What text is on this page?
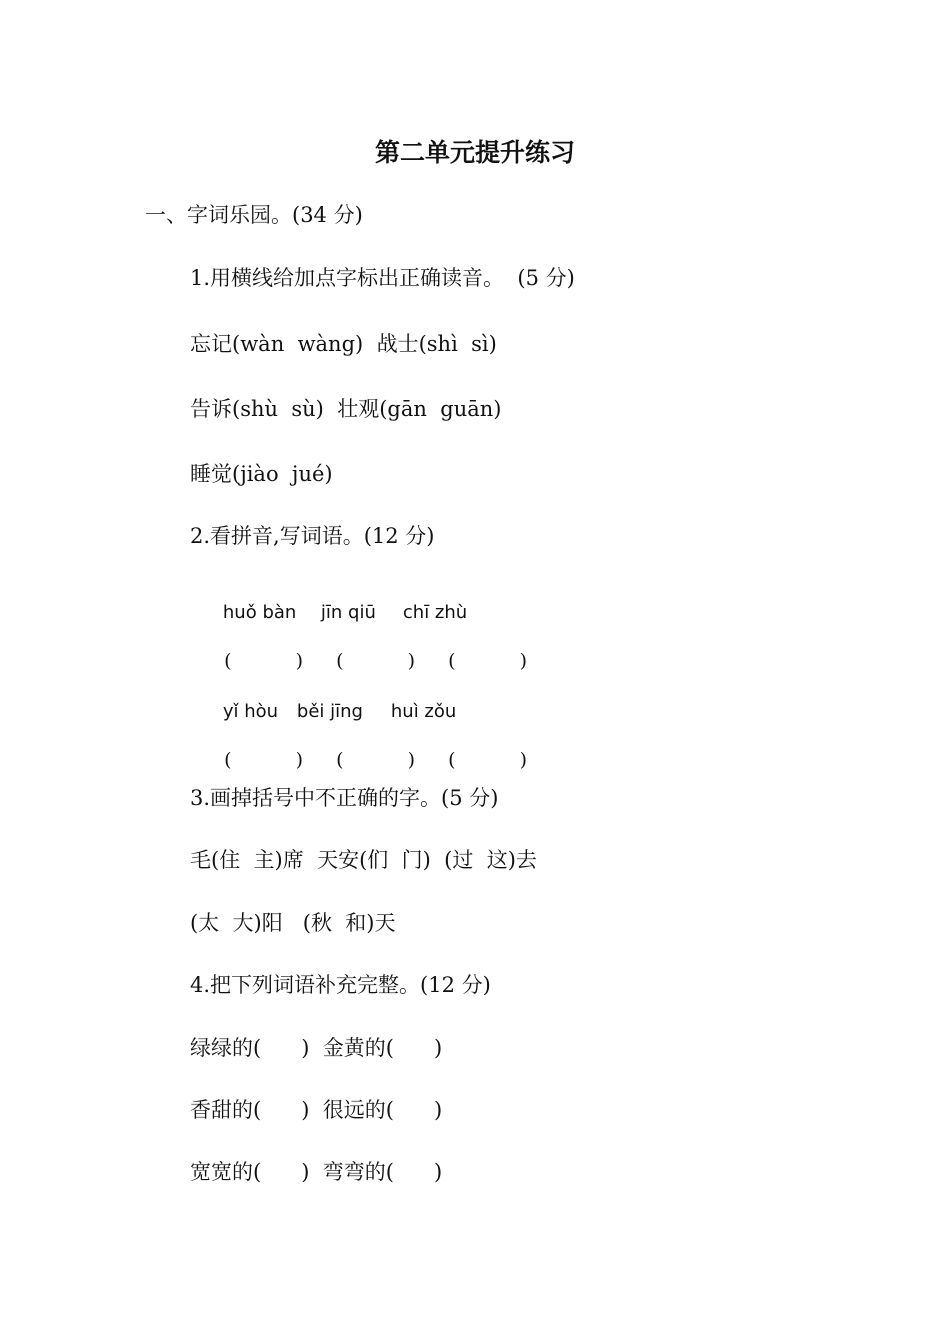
第二单元提升练习
一、字词乐园。(34 分)
1.用横线给加点字标出正确读音。  (5 分)
忘记(wàn  wàng)  战士(shì  sì)
告诉(shù  sù)  壮观(gān  guān)
睡觉(jiào  jué)
2.看拼音,写词语。(12 分)

huǒ bàn jīn qiū chī zhù

(	) (	) (	)

yǐ hòu běi jīng huì zǒu

(	) (	) (	)

3.画掉括号中不正确的字。(5 分)
毛(住  主)席  天安(们  门)  (过  这)去
(太  大)阳   (秋  和)天
4.把下列词语补充完整。(12 分)
绿绿的(      )  金黄的(      )
香甜的(      )  很远的(      )
宽宽的(      )  弯弯的(      )
